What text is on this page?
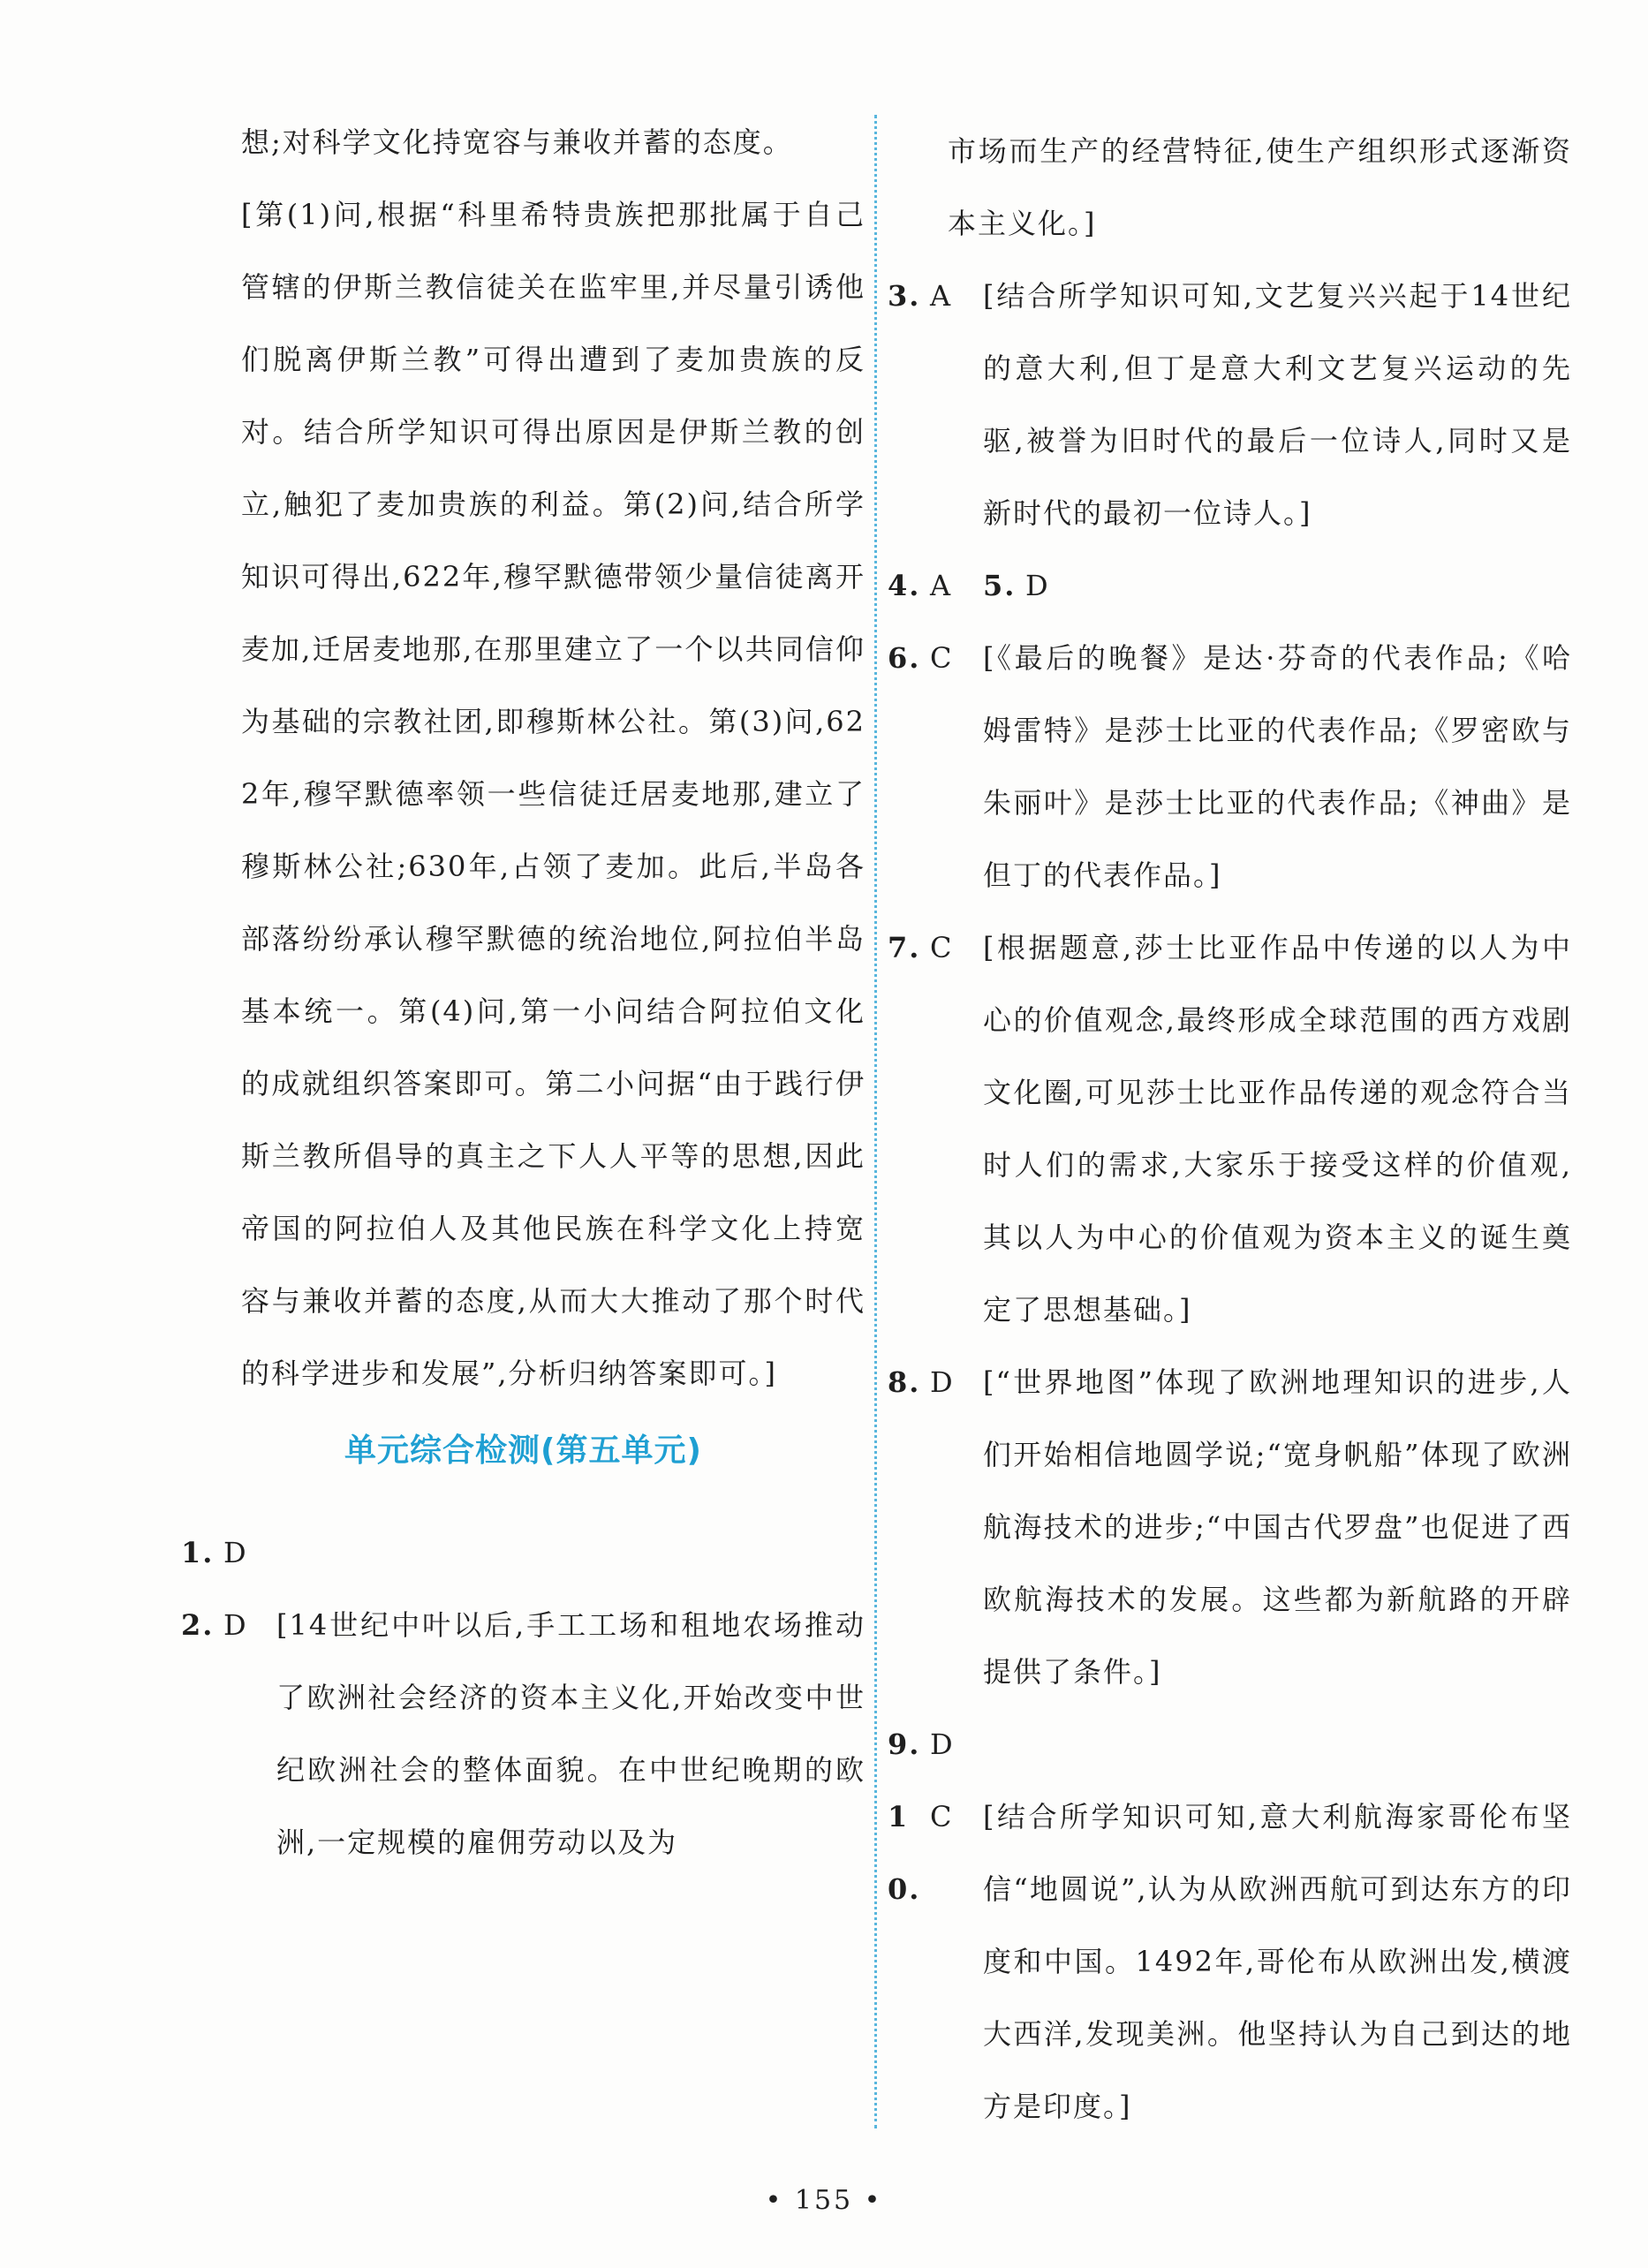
想;对科学文化持宽容与兼收并蓄的态度。

[第(1)问,根据“科里希特贵族把那批属于自己管辖的伊斯兰教信徒关在监牢里,并尽量引诱他们脱离伊斯兰教”可得出遭到了麦加贵族的反对。结合所学知识可得出原因是伊斯兰教的创立,触犯了麦加贵族的利益。第(2)问,结合所学知识可得出,622年,穆罕默德带领少量信徒离开麦加,迁居麦地那,在那里建立了一个以共同信仰为基础的宗教社团,即穆斯林公社。第(3)问,622年,穆罕默德率领一些信徒迁居麦地那,建立了穆斯林公社;630年,占领了麦加。此后,半岛各部落纷纷承认穆罕默德的统治地位,阿拉伯半岛基本统一。第(4)问,第一小问结合阿拉伯文化的成就组织答案即可。第二小问据“由于践行伊斯兰教所倡导的真主之下人人平等的思想,因此帝国的阿拉伯人及其他民族在科学文化上持宽容与兼收并蓄的态度,从而大大推动了那个时代的科学进步和发展”,分析归纳答案即可。]

单元综合检测(第五单元)
1. D
2. D	[14世纪中叶以后,手工工场和租地农场推动了欧洲社会经济的资本主义化,开始改变中世纪欧洲社会的整体面貌。在中世纪晚期的欧洲,一定规模的雇佣劳动以及为

市场而生产的经营特征,使生产组织形式逐渐资本主义化。]

3. A	[结合所学知识可知,文艺复兴兴起于14世纪的意大利,但丁是意大利文艺复兴运动的先驱,被誉为旧时代的最后一位诗人,同时又是新时代的最初一位诗人。]
4. A	5. D
6. C	[《最后的晚餐》是达·芬奇的代表作品;《哈姆雷特》是莎士比亚的代表作品;《罗密欧与朱丽叶》是莎士比亚的代表作品;《神曲》是但丁的代表作品。]
7. C	[根据题意,莎士比亚作品中传递的以人为中心的价值观念,最终形成全球范围的西方戏剧文化圈,可见莎士比亚作品传递的观念符合当时人们的需求,大家乐于接受这样的价值观,其以人为中心的价值观为资本主义的诞生奠定了思想基础。]
8. D	[“世界地图”体现了欧洲地理知识的进步,人们开始相信地圆学说;“宽身帆船”体现了欧洲航海技术的进步;“中国古代罗盘”也促进了西欧航海技术的发展。这些都为新航路的开辟提供了条件。]
9. D
10.
C	[结合所学知识可知,意大利航海家哥伦布坚信“地圆说”,认为从欧洲西航可到达东方的印度和中国。1492年,哥伦布从欧洲出发,横渡大西洋,发现美洲。他坚持认为自己到达的地方是印度。]
• 155 •
